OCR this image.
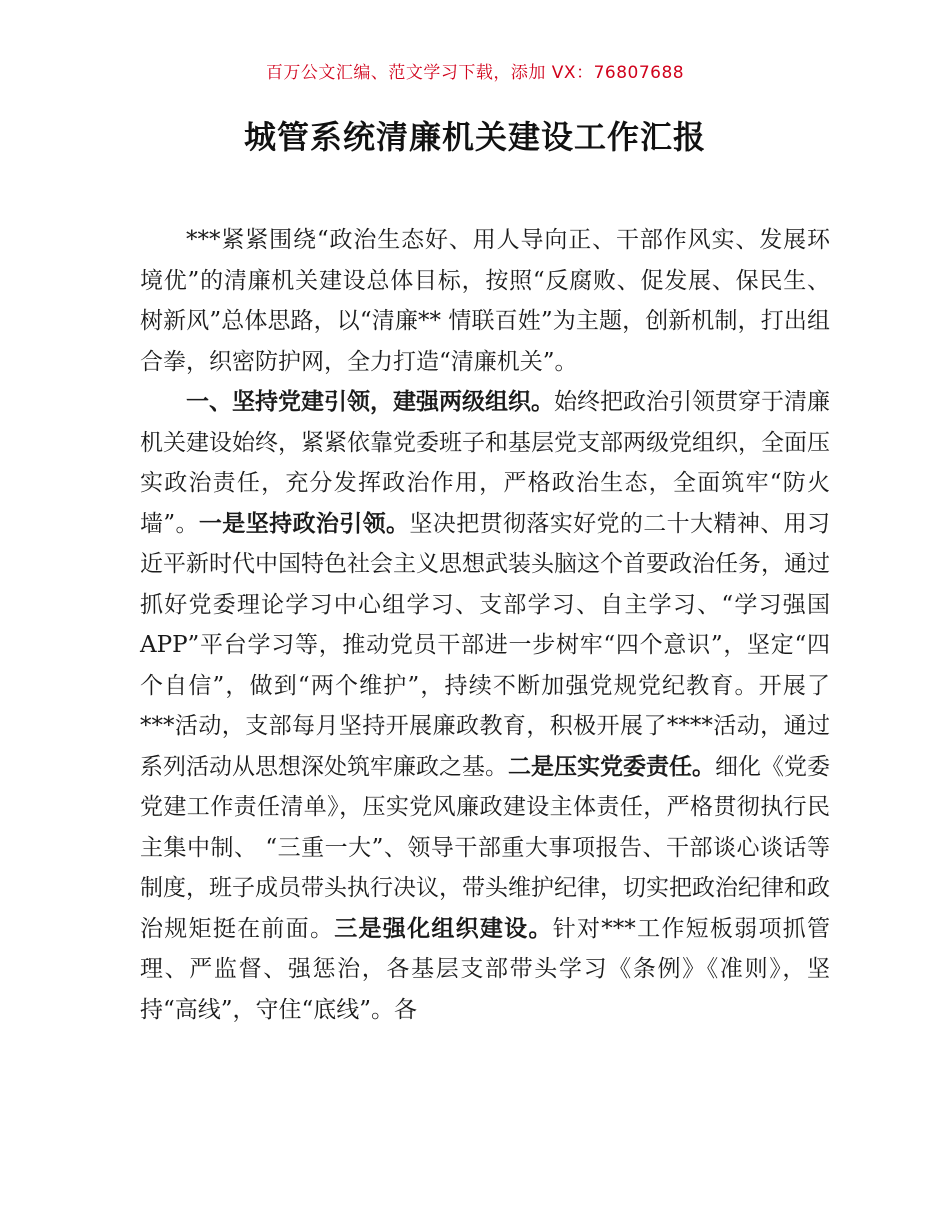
百万公文汇编、范文学习下载，添加 VX：76807688
城管系统清廉机关建设工作汇报

***紧紧围绕“政治生态好、用人导向正、干部作风实、发展环境优”的清廉机关建设总体目标，按照“反腐败、促发展、保民生、树新风”总体思路，以“清廉** 情联百姓”为主题，创新机制，打出组合拳，织密防护网，全力打造“清廉机关”。

一、坚持党建引领，建强两级组织。始终把政治引领贯穿于清廉机关建设始终，紧紧依靠党委班子和基层党支部两级党组织，全面压实政治责任，充分发挥政治作用，严格政治生态，全面筑牢“防火墙”。一是坚持政治引领。坚决把贯彻落实好党的二十大精神、用习近平新时代中国特色社会主义思想武装头脑这个首要政治任务，通过抓好党委理论学习中心组学习、支部学习、自主学习、“学习强国 APP”平台学习等，推动党员干部进一步树牢“四个意识”，坚定“四个自信”，做到“两个维护”，持续不断加强党规党纪教育。开展了***活动，支部每月坚持开展廉政教育，积极开展了****活动，通过系列活动从思想深处筑牢廉政之基。二是压实党委责任。细化《党委党建工作责任清单》，压实党风廉政建设主体责任，严格贯彻执行民主集中制、 “三重一大”、领导干部重大事项报告、干部谈心谈话等制度，班子成员带头执行决议，带头维护纪律，切实把政治纪律和政治规矩挺在前面。三是强化组织建设。针对***工作短板弱项抓管理、严监督、强惩治，各基层支部带头学习《条例》《准则》，坚持“高线”，守住“底线”。各
